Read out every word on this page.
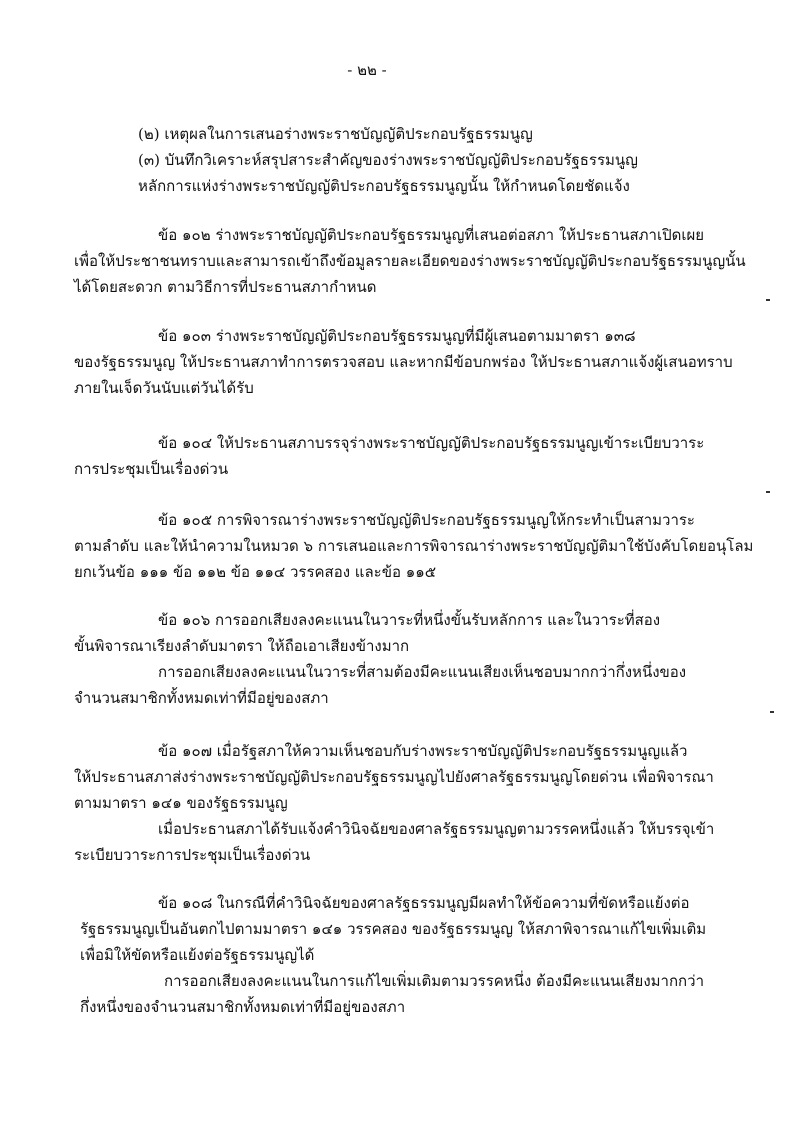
- ๒๒ -
(๒) เหตุผลในการเสนอร่างพระราชบัญญัติประกอบรัฐธรรมนูญ
(๓) บันทึกวิเคราะห์สรุปสาระสำคัญของร่างพระราชบัญญัติประกอบรัฐธรรมนูญ
หลักการแห่งร่างพระราชบัญญัติประกอบรัฐธรรมนูญนั้น ให้กำหนดโดยชัดแจ้ง
ข้อ ๑๐๒ ร่างพระราชบัญญัติประกอบรัฐธรรมนูญที่เสนอต่อสภา ให้ประธานสภาเปิดเผย
เพื่อให้ประชาชนทราบและสามารถเข้าถึงข้อมูลรายละเอียดของร่างพระราชบัญญัติประกอบรัฐธรรมนูญนั้น
ได้โดยสะดวก ตามวิธีการที่ประธานสภากำหนด
ข้อ ๑๐๓ ร่างพระราชบัญญัติประกอบรัฐธรรมนูญที่มีผู้เสนอตามมาตรา ๑๓๘
ของรัฐธรรมนูญ ให้ประธานสภาทำการตรวจสอบ และหากมีข้อบกพร่อง ให้ประธานสภาแจ้งผู้เสนอทราบ
ภายในเจ็ดวันนับแต่วันได้รับ
ข้อ ๑๐๔ ให้ประธานสภาบรรจุร่างพระราชบัญญัติประกอบรัฐธรรมนูญเข้าระเบียบวาระ
การประชุมเป็นเรื่องด่วน
ข้อ ๑๐๕ การพิจารณาร่างพระราชบัญญัติประกอบรัฐธรรมนูญให้กระทำเป็นสามวาระ
ตามลำดับ และให้นำความในหมวด ๖ การเสนอและการพิจารณาร่างพระราชบัญญัติมาใช้บังคับโดยอนุโลม
ยกเว้นข้อ ๑๑๑ ข้อ ๑๑๒ ข้อ ๑๑๔ วรรคสอง และข้อ ๑๑๕
ข้อ ๑๐๖ การออกเสียงลงคะแนนในวาระที่หนึ่งขั้นรับหลักการ และในวาระที่สอง
ขั้นพิจารณาเรียงลำดับมาตรา ให้ถือเอาเสียงข้างมาก
การออกเสียงลงคะแนนในวาระที่สามต้องมีคะแนนเสียงเห็นชอบมากกว่ากึ่งหนึ่งของ
จำนวนสมาชิกทั้งหมดเท่าที่มีอยู่ของสภา
ข้อ ๑๐๗ เมื่อรัฐสภาให้ความเห็นชอบกับร่างพระราชบัญญัติประกอบรัฐธรรมนูญแล้ว
ให้ประธานสภาส่งร่างพระราชบัญญัติประกอบรัฐธรรมนูญไปยังศาลรัฐธรรมนูญโดยด่วน เพื่อพิจารณา
ตามมาตรา ๑๔๑ ของรัฐธรรมนูญ
เมื่อประธานสภาได้รับแจ้งคำวินิจฉัยของศาลรัฐธรรมนูญตามวรรคหนึ่งแล้ว ให้บรรจุเข้า
ระเบียบวาระการประชุมเป็นเรื่องด่วน
ข้อ ๑๐๘ ในกรณีที่คำวินิจฉัยของศาลรัฐธรรมนูญมีผลทำให้ข้อความที่ขัดหรือแย้งต่อ
รัฐธรรมนูญเป็นอันตกไปตามมาตรา ๑๔๑ วรรคสอง ของรัฐธรรมนูญ ให้สภาพิจารณาแก้ไขเพิ่มเติม
เพื่อมิให้ขัดหรือแย้งต่อรัฐธรรมนูญได้
การออกเสียงลงคะแนนในการแก้ไขเพิ่มเติมตามวรรคหนึ่ง ต้องมีคะแนนเสียงมากกว่า
กึ่งหนึ่งของจำนวนสมาชิกทั้งหมดเท่าที่มีอยู่ของสภา
